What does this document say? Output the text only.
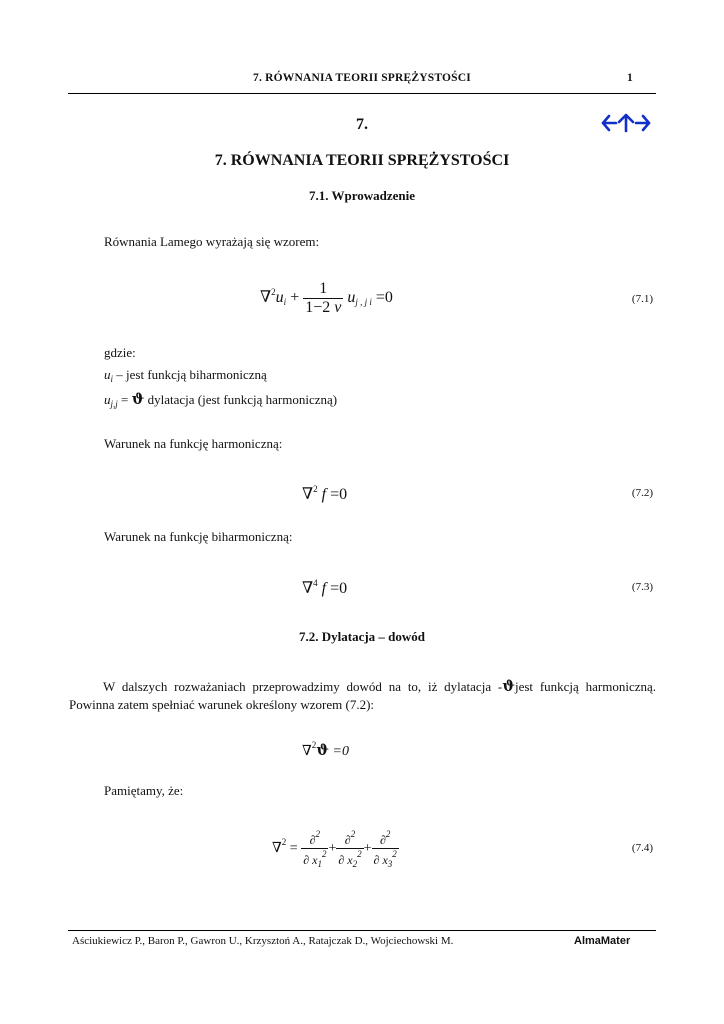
7. RÓWNANIA TEORII SPRĘŻYSTOŚCI	1
7.
7. RÓWNANIA TEORII SPRĘŻYSTOŚCI
7.1. Wprowadzenie
Równania Lamego wyrażają się wzorem:
$\nabla^2u_i + \frac{1}{1-2 \nu} u_{j , j i} =0$	(7.1)
gdzie:
$u_i$ – jest funkcją biharmoniczną
$u_{j,j} = ϑ$ dylatacja (jest funkcją harmoniczną)
Warunek na funkcję harmoniczną:
∇$^2$ f =0	(7.2)
Warunek na funkcję biharmoniczną:
∇$^4$ f =0	(7.3)
7.2. Dylatacja – dowód
W dalszych rozważaniach przeprowadzimy dowód na to, iż dylatacja -ϑjest funkcją harmoniczną. Powinna zatem spełniać warunek określony wzorem (7.2):
∇$^2$ϑ =0
Pamiętamy, że:
$\nabla^2 = \frac{\partial^2}{\partial x_1^2} + \frac{\partial^2}{\partial x_2^2} + \frac{\partial^2}{\partial x_3^2}$	(7.4)
Aściukiewicz P., Baron P., Gawron U., Krzysztoń A., Ratajczak D., Wojciechowski M.	AlmaMater
